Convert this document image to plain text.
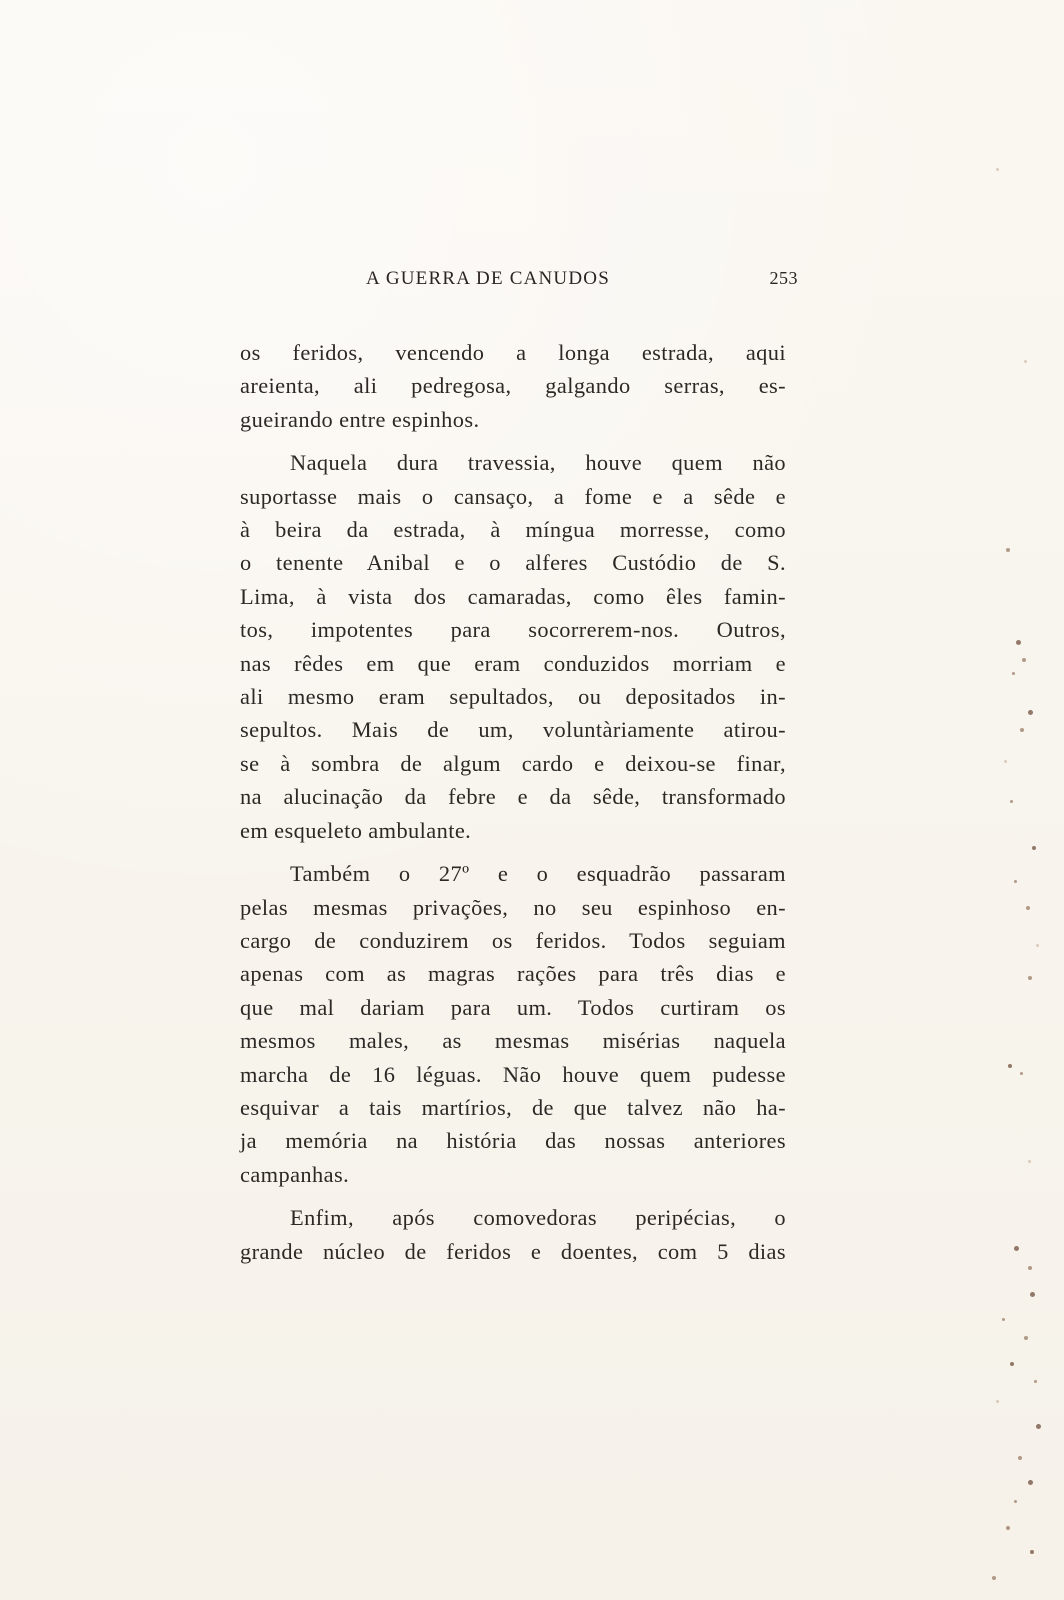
A GUERRA DE CANUDOS	253

os feridos, vencendo a longa estrada, aqui
areienta, ali pedregosa, galgando serras, es-
gueirando entre espinhos.

Naquela dura travessia, houve quem não
suportasse mais o cansaço, a fome e a sêde e
à beira da estrada, à míngua morresse, como
o tenente Anibal e o alferes Custódio de S.
Lima, à vista dos camaradas, como êles famin-
tos, impotentes para socorrerem-nos. Outros,
nas rêdes em que eram conduzidos morriam e
ali mesmo eram sepultados, ou depositados in-
sepultos. Mais de um, voluntàriamente atirou-
se à sombra de algum cardo e deixou-se finar,
na alucinação da febre e da sêde, transformado
em esqueleto ambulante.

Também o 27º e o esquadrão passaram
pelas mesmas privações, no seu espinhoso en-
cargo de conduzirem os feridos. Todos seguiam
apenas com as magras rações para três dias e
que mal dariam para um. Todos curtiram os
mesmos males, as mesmas misérias naquela
marcha de 16 léguas. Não houve quem pudesse
esquivar a tais martírios, de que talvez não ha-
ja memória na história das nossas anteriores
campanhas.

Enfim, após comovedoras peripécias, o
grande núcleo de feridos e doentes, com 5 dias
